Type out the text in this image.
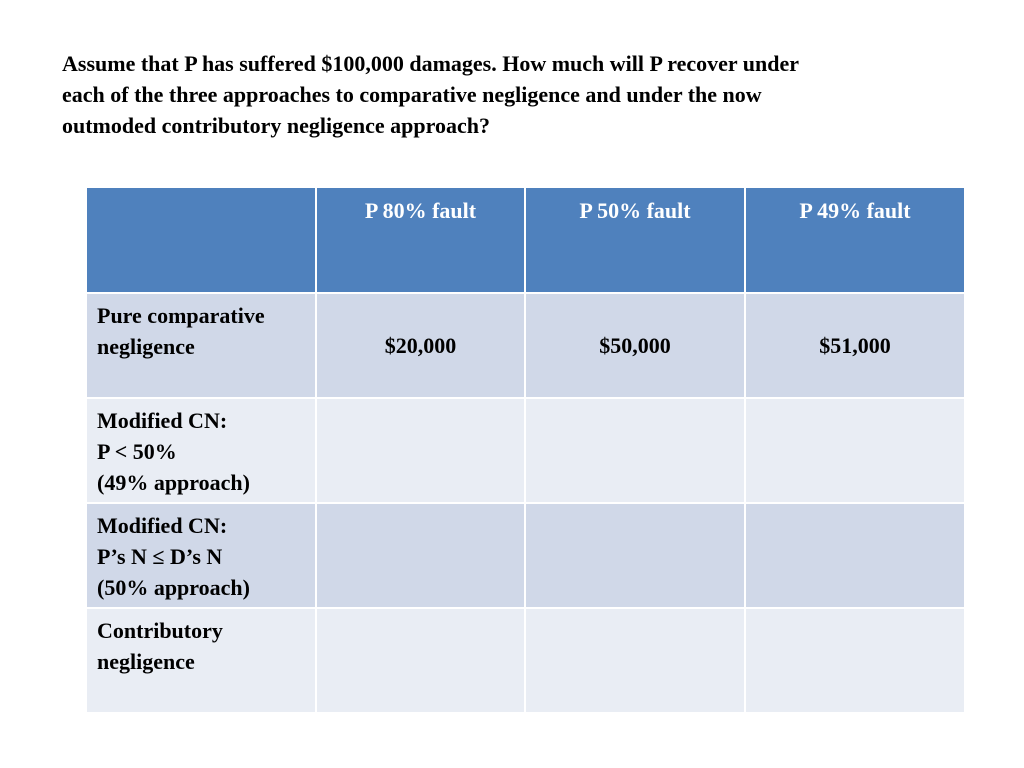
Assume that P has suffered $100,000 damages. How much will P recover under
each of the three approaches to comparative negligence and under the now
outmoded contributory negligence approach?

	P 80% fault	P 50% fault	P 49% fault

Pure comparative
negligence	$20,000	$50,000	$51,000

Modified CN:
P < 50%
(49% approach)			

Modified CN:
P’s N ≤ D’s N
(50% approach)			

Contributory
negligence			
